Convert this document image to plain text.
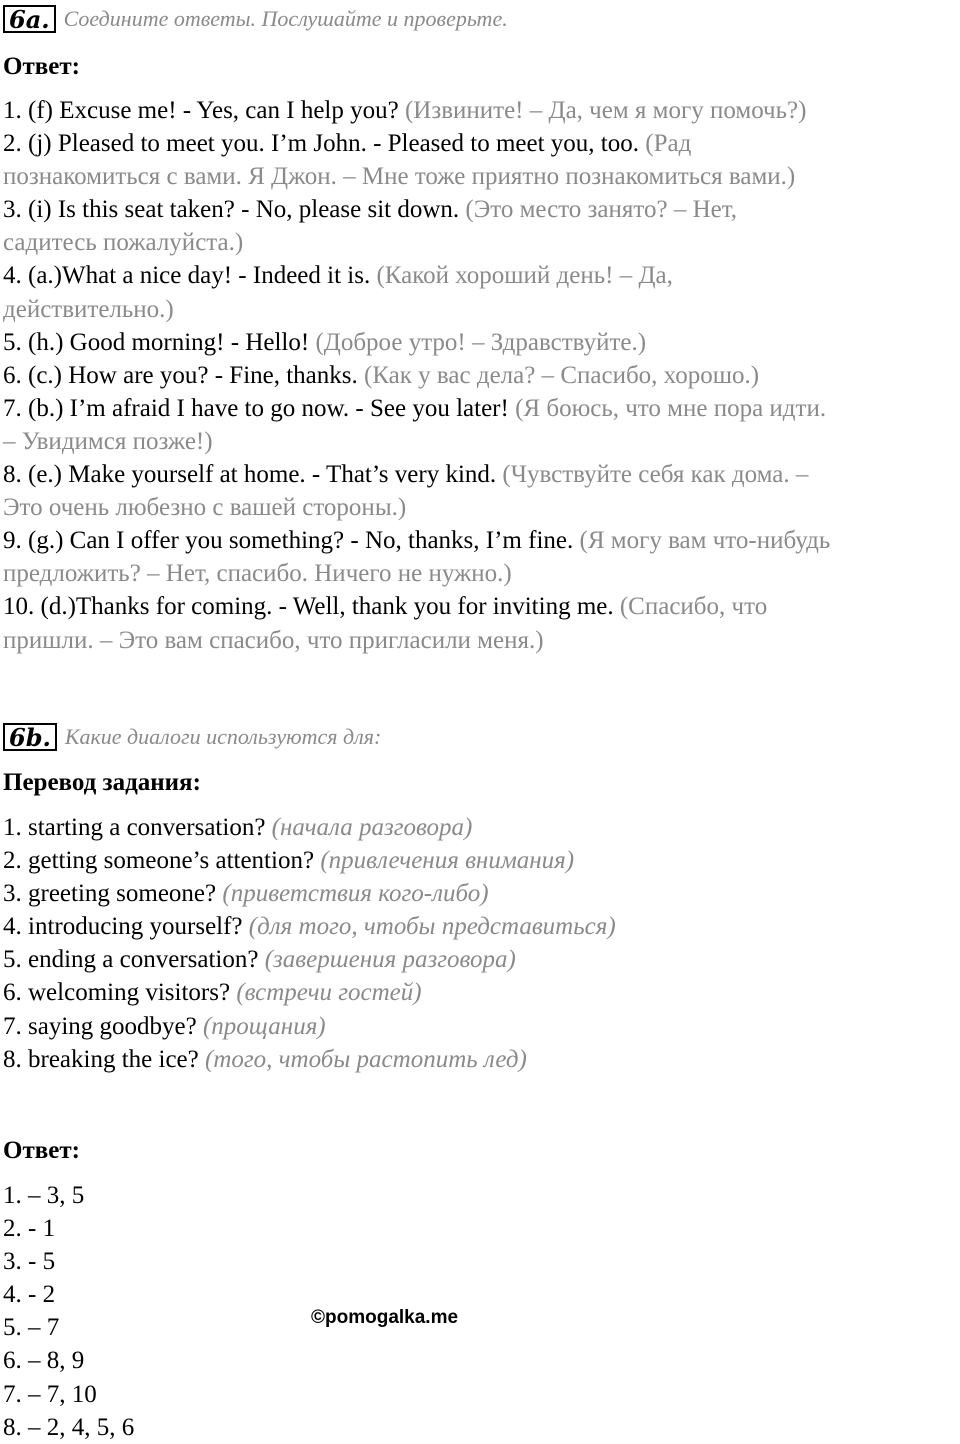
6a. Соедините ответы. Послушайте и проверьте.
Ответ:
1. (f) Excuse me! - Yes, can I help you? (Извините! – Да, чем я могу помочь?)
2. (j) Pleased to meet you. I’m John. - Pleased to meet you, too. (Рад
познакомиться с вами. Я Джон. – Мне тоже приятно познакомиться вами.)
3. (i) Is this seat taken? - No, please sit down. (Это место занято? – Нет,
садитесь пожалуйста.)
4. (a.)What a nice day! - Indeed it is. (Какой хороший день! – Да,
действительно.)
5. (h.) Good morning! - Hello! (Доброе утро! – Здравствуйте.)
6. (c.) How are you? - Fine, thanks. (Как у вас дела? – Спасибо, хорошо.)
7. (b.) I’m afraid I have to go now. - See you later! (Я боюсь, что мне пора идти.
– Увидимся позже!)
8. (e.) Make yourself at home. - That’s very kind. (Чувствуйте себя как дома. –
Это очень любезно с вашей стороны.)
9. (g.) Can I offer you something? - No, thanks, I’m fine. (Я могу вам что-нибудь
предложить? – Нет, спасибо. Ничего не нужно.)
10. (d.)Thanks for coming. - Well, thank you for inviting me. (Спасибо, что
пришли. – Это вам спасибо, что пригласили меня.)
6b. Какие диалоги используются для:
Перевод задания:
1. starting a conversation? (начала разговора)
2. getting someone’s attention? (привлечения внимания)
3. greeting someone? (приветствия кого-либо)
4. introducing yourself? (для того, чтобы представиться)
5. ending a conversation? (завершения разговора)
6. welcoming visitors? (встречи гостей)
7. saying goodbye? (прощания)
8. breaking the ice? (того, чтобы растопить лед)
Ответ:
1. – 3, 5
2. - 1
3. - 5
4. - 2
5. – 7
6. – 8, 9
7. – 7, 10
8. – 2, 4, 5, 6
©pomogalka.me
